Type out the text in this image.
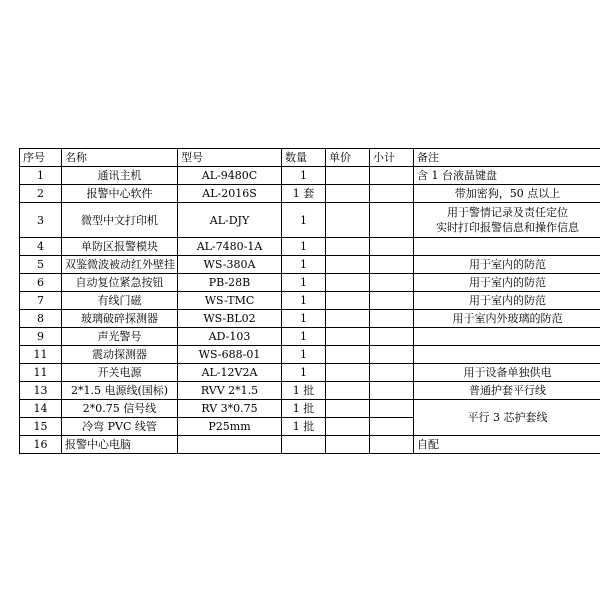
序号	名称	型号	数量	单价	小计	备注
1	通讯主机	AL-9480C	1			含 1 台液晶键盘
2	报警中心软件	AL-2016S	1 套			带加密狗，50 点以上
3	微型中文打印机	AL-DJY	1			用于警情记录及责任定位
实时打印报警信息和操作信息

4	单防区报警模块	AL-7480-1A	1			
5	双鉴微波被动红外壁挂	WS-380A	1			用于室内的防范
6	自动复位紧急按钮	PB-28B	1			用于室内的防范
7	有线门磁	WS-TMC	1			用于室内的防范
8	玻璃破碎探测器	WS-BL02	1			用于室内外玻璃的防范
9	声光警号	AD-103	1			
11	震动探测器	WS-688-01	1			
11	开关电源	AL-12V2A	1			用于设备单独供电
13	2*1.5 电源线(国标)	RVV 2*1.5	1 批			普通护套平行线
14	2*0.75 信号线	RV 3*0.75	1 批			平行 3 芯护套线
15	冷弯 PVC 线管	P25mm	1 批			
16	报警中心电脑					自配
